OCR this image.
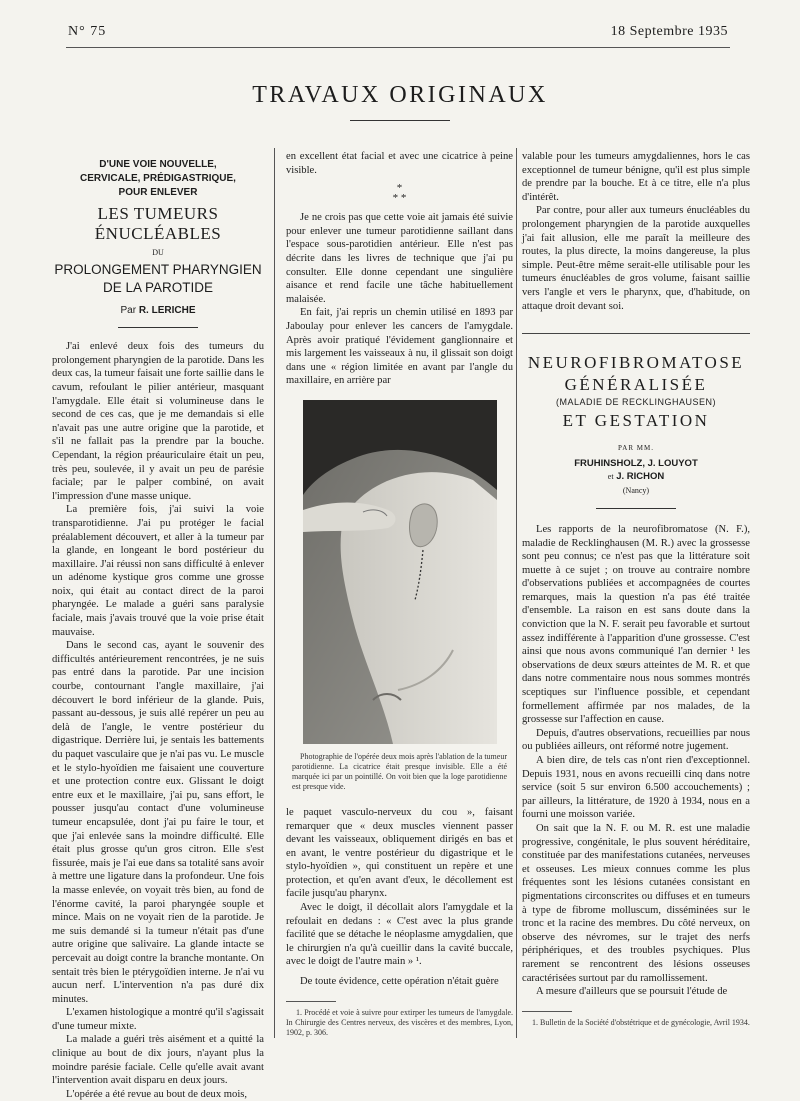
N° 75	18 Septembre 1935
TRAVAUX ORIGINAUX
D'UNE VOIE NOUVELLE,
CERVICALE, PRÉDIGASTRIQUE,
POUR ENLEVER
LES TUMEURS ÉNUCLÉABLES
DU
PROLONGEMENT PHARYNGIEN
DE LA PAROTIDE
Par R. LERICHE

J'ai enlevé deux fois des tumeurs du prolongement pharyngien de la parotide. Dans les deux cas, la tumeur faisait une forte saillie dans le cavum, refoulant le pilier antérieur, masquant l'amygdale. Elle était si volumineuse dans le second de ces cas, que je me demandais si elle n'avait pas une autre origine que la parotide, et s'il ne fallait pas la prendre par la bouche. Cependant, la région préauriculaire était un peu, très peu, soulevée, il y avait un peu de parésie faciale; par le palper combiné, on avait l'impression d'une masse unique.

La première fois, j'ai suivi la voie transparotidienne. J'ai pu protéger le facial préalablement découvert, et aller à la tumeur par la glande, en longeant le bord postérieur du maxillaire. J'ai réussi non sans difficulté à enlever un adénome kystique gros comme une grosse noix, qui était au contact direct de la paroi pharyngée. Le malade a guéri sans paralysie faciale, mais j'avais trouvé que la voie prise était mauvaise.

Dans le second cas, ayant le souvenir des difficultés antérieurement rencontrées, je ne suis pas entré dans la parotide. Par une incision courbe, contournant l'angle maxillaire, j'ai découvert le bord inférieur de la glande. Puis, passant au-dessous, je suis allé repérer un peu au delà de l'angle, le ventre postérieur du digastrique. Derrière lui, je sentais les battements du paquet vasculaire que je n'ai pas vu. Le muscle et le stylo-hyoïdien me faisaient une couverture et une protection contre eux. Glissant le doigt entre eux et le maxillaire, j'ai pu, sans effort, le pousser jusqu'au contact d'une volumineuse tumeur encapsulée, dont j'ai pu faire le tour, et que j'ai enlevée sans la moindre difficulté. Elle était plus grosse qu'un gros citron. Elle s'est fissurée, mais je l'ai eue dans sa totalité sans avoir à mettre une ligature dans la profondeur. Une fois la masse enlevée, on voyait très bien, au fond de l'énorme cavité, la paroi pharyngée souple et mince. Mais on ne voyait rien de la parotide. Je me suis demandé si la tumeur n'était pas d'une autre origine que salivaire. La glande intacte se percevait au doigt contre la branche montante. On sentait très bien le ptérygoïdien interne. Je n'ai vu aucun nerf. L'intervention n'a pas duré dix minutes.

L'examen histologique a montré qu'il s'agissait d'une tumeur mixte.

La malade a guéri très aisément et a quitté la clinique au bout de dix jours, n'ayant plus la moindre parésie faciale. Celle qu'elle avait avant l'intervention avait disparu en deux jours.

L'opérée a été revue au bout de deux mois,

en excellent état facial et avec une cicatrice à peine visible.

*
* *

Je ne crois pas que cette voie ait jamais été suivie pour enlever une tumeur parotidienne saillant dans l'espace sous-parotidien antérieur. Elle n'est pas décrite dans les livres de technique que j'ai pu consulter. Elle donne cependant une singulière aisance et rend facile une tâche habituellement malaisée.

En fait, j'ai repris un chemin utilisé en 1893 par Jaboulay pour enlever les cancers de l'amygdale. Après avoir pratiqué l'évidement ganglionnaire et mis largement les vaisseaux à nu, il glissait son doigt dans une « région limitée en avant par l'angle du maxillaire, en arrière par

Photographie de l'opérée deux mois après l'ablation de la tumeur parotidienne. La cicatrice était presque invisible. Elle a été marquée ici par un pointillé. On voit bien que la loge parotidienne est presque vide.

le paquet vasculo-nerveux du cou », faisant remarquer que « deux muscles viennent passer devant les vaisseaux, obliquement dirigés en bas et en avant, le ventre postérieur du digastrique et le stylo-hyoïdien », qui constituent un repère et une protection, et qu'en avant d'eux, le décollement est facile jusqu'au pharynx.

Avec le doigt, il décollait alors l'amygdale et la refoulait en dedans : « C'est avec la plus grande facilité que se détache le néoplasme amygdalien, que le chirurgien n'a qu'à cueillir dans la cavité buccale, avec le doigt de l'autre main » ¹.

De toute évidence, cette opération n'était guère

1. Procédé et voie à suivre pour extirper les tumeurs de l'amygdale. In Chirurgie des Centres nerveux, des viscères et des membres, Lyon, 1902, p. 306.

valable pour les tumeurs amygdaliennes, hors le cas exceptionnel de tumeur bénigne, qu'il est plus simple de prendre par la bouche. Et à ce titre, elle n'a plus d'intérêt.

Par contre, pour aller aux tumeurs énucléables du prolongement pharyngien de la parotide auxquelles j'ai fait allusion, elle me paraît la meilleure des routes, la plus directe, la moins dangereuse, la plus simple. Peut-être même serait-elle utilisable pour les tumeurs énucléables de gros volume, faisant saillie vers l'angle et vers le pharynx, que, d'habitude, on attaque droit devant soi.

NEUROFIBROMATOSE
GÉNÉRALISÉE
(MALADIE DE RECKLINGHAUSEN)
ET GESTATION
PAR MM.
FRUHINSHOLZ, J. LOUYOT
et J. RICHON
(Nancy)

Les rapports de la neurofibromatose (N. F.), maladie de Recklinghausen (M. R.) avec la grossesse sont peu connus; ce n'est pas que la littérature soit muette à ce sujet ; on trouve au contraire nombre d'observations publiées et accompagnées de courtes remarques, mais la question n'a pas été traitée d'ensemble. La raison en est sans doute dans la conviction que la N. F. serait peu favorable et surtout assez indifférente à l'apparition d'une grossesse. C'est ainsi que nous avons communiqué l'an dernier ¹ les observations de deux sœurs atteintes de M. R. et que dans notre commentaire nous nous sommes montrés sceptiques sur l'influence possible, et cependant formellement affirmée par nos malades, de la grossesse sur l'affection en cause.

Depuis, d'autres observations, recueillies par nous ou publiées ailleurs, ont réformé notre jugement.

A bien dire, de tels cas n'ont rien d'exceptionnel. Depuis 1931, nous en avons recueilli cinq dans notre service (soit 5 sur environ 6.500 accouchements) ; par ailleurs, la littérature, de 1920 à 1934, nous en a fourni une moisson variée.

On sait que la N. F. ou M. R. est une maladie progressive, congénitale, le plus souvent héréditaire, constituée par des manifestations cutanées, nerveuses et osseuses. Les mieux connues comme les plus fréquentes sont les lésions cutanées consistant en pigmentations circonscrites ou diffuses et en tumeurs à type de fibrome molluscum, disséminées sur le tronc et la racine des membres. Du côté nerveux, on observe des névromes, sur le trajet des nerfs périphériques, et des troubles psychiques. Plus rarement se rencontrent des lésions osseuses caractérisées surtout par du ramollissement.

A mesure d'ailleurs que se poursuit l'étude de

1. Bulletin de la Société d'obstétrique et de gynécologie, Avril 1934.
